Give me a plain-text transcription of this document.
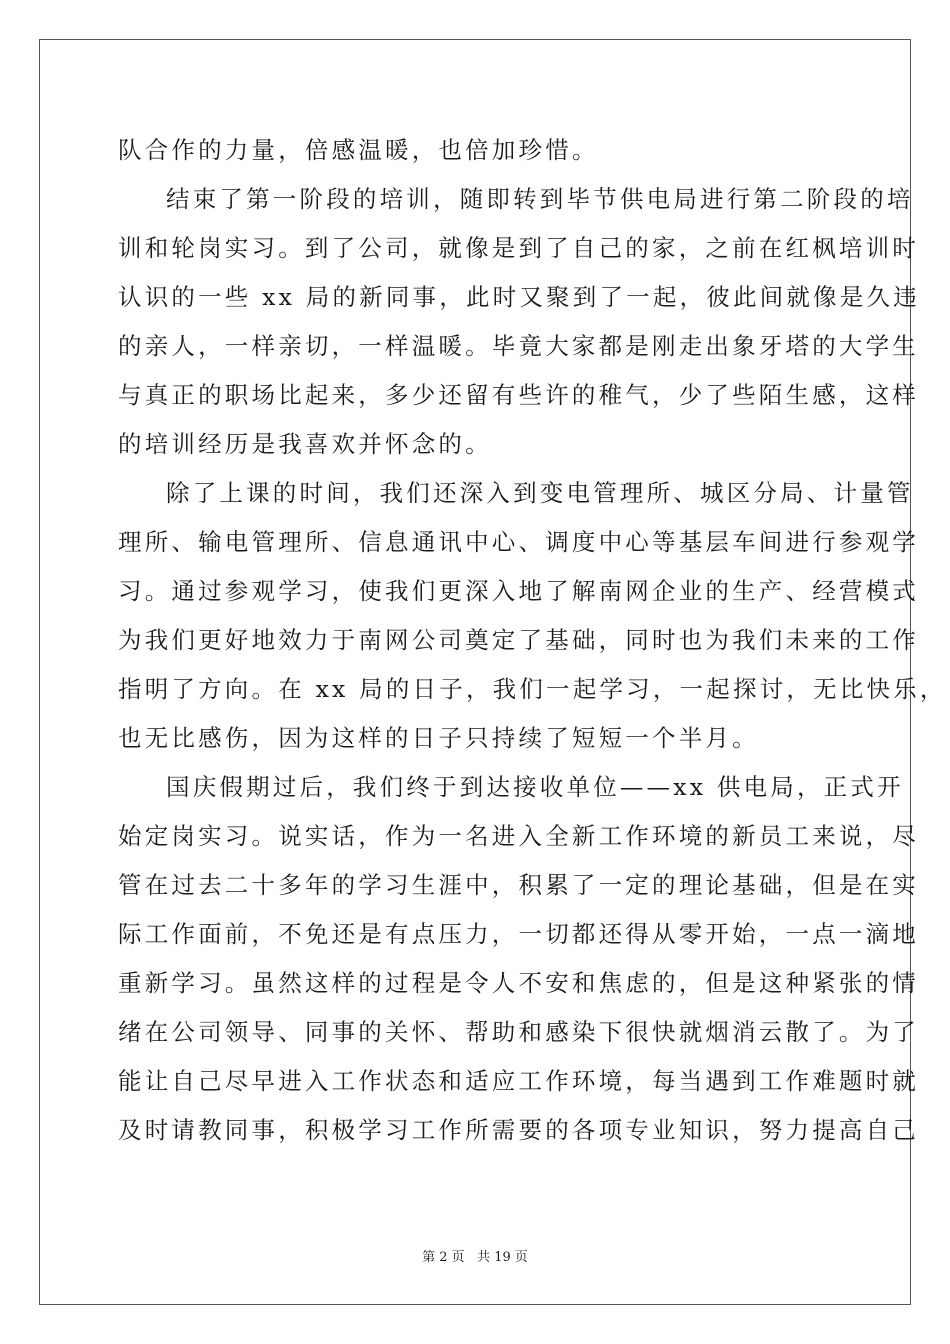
队合作的力量，倍感温暖，也倍加珍惜。
结束了第一阶段的培训，随即转到毕节供电局进行第二阶段的培
训和轮岗实习。到了公司，就像是到了自己的家，之前在红枫培训时
认识的一些 xx 局的新同事，此时又聚到了一起，彼此间就像是久违
的亲人，一样亲切，一样温暖。毕竟大家都是刚走出象牙塔的大学生
与真正的职场比起来，多少还留有些许的稚气，少了些陌生感，这样
的培训经历是我喜欢并怀念的。
除了上课的时间，我们还深入到变电管理所、城区分局、计量管
理所、输电管理所、信息通讯中心、调度中心等基层车间进行参观学
习。通过参观学习，使我们更深入地了解南网企业的生产、经营模式
为我们更好地效力于南网公司奠定了基础，同时也为我们未来的工作
指明了方向。在 xx 局的日子，我们一起学习，一起探讨，无比快乐，
也无比感伤，因为这样的日子只持续了短短一个半月。
国庆假期过后，我们终于到达接收单位——xx 供电局，正式开
始定岗实习。说实话，作为一名进入全新工作环境的新员工来说，尽
管在过去二十多年的学习生涯中，积累了一定的理论基础，但是在实
际工作面前，不免还是有点压力，一切都还得从零开始，一点一滴地
重新学习。虽然这样的过程是令人不安和焦虑的，但是这种紧张的情
绪在公司领导、同事的关怀、帮助和感染下很快就烟消云散了。为了
能让自己尽早进入工作状态和适应工作环境，每当遇到工作难题时就
及时请教同事，积极学习工作所需要的各项专业知识，努力提高自己
第 2 页   共 19 页
